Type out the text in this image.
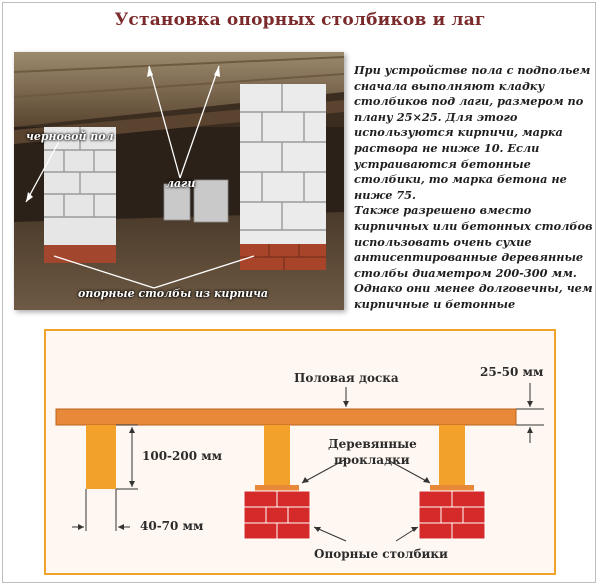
Установка опорных столбиков и лаг
черновой пол
лаги
опорные столбы из кирпича

При устройстве пола с подпольем сначала выполняют кладку столбиков под лаги, размером по плану 25×25. Для этого используются кирпичи, марка раствора не ниже 10. Если устраиваются бетонные столбики, то марка бетона не ниже 75.

Также разрешено вместо кирпичных или бетонных столбов использовать очень сухие антисептированные деревянные столбы диаметром 200-300 мм. Однако они менее долговечны, чем кирпичные и бетонные

Половая доска	25-50 мм
100-200 мм
Деревянные
прокладки
40-70 мм
Опорные столбики
